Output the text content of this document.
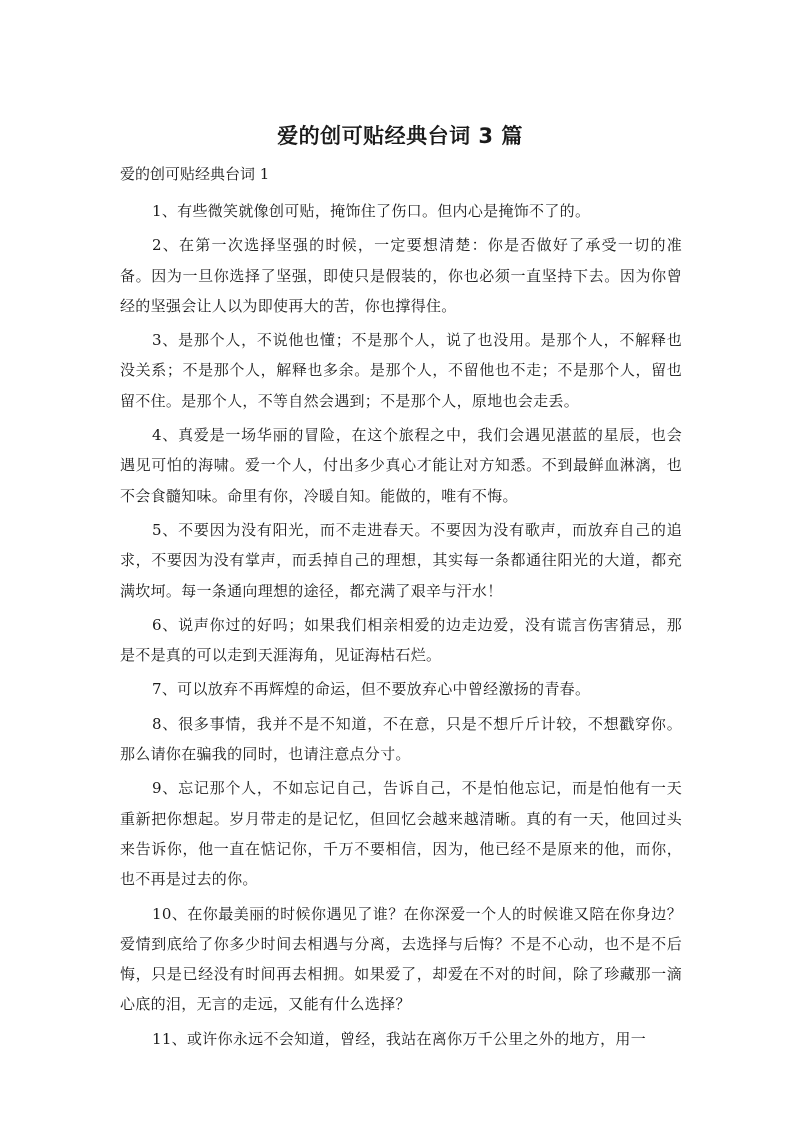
爱的创可贴经典台词 3 篇
爱的创可贴经典台词 1

1、有些微笑就像创可贴，掩饰住了伤口。但内心是掩饰不了的。

2、在第一次选择坚强的时候，一定要想清楚：你是否做好了承受一切的准备。因为一旦你选择了坚强，即使只是假装的，你也必须一直坚持下去。因为你曾经的坚强会让人以为即使再大的苦，你也撑得住。

3、是那个人，不说他也懂；不是那个人，说了也没用。是那个人，不解释也没关系；不是那个人，解释也多余。是那个人，不留他也不走；不是那个人，留也留不住。是那个人，不等自然会遇到；不是那个人，原地也会走丢。

4、真爱是一场华丽的冒险，在这个旅程之中，我们会遇见湛蓝的星辰，也会遇见可怕的海啸。爱一个人，付出多少真心才能让对方知悉。不到最鲜血淋漓，也不会食髓知味。命里有你，冷暖自知。能做的，唯有不悔。

5、不要因为没有阳光，而不走进春天。不要因为没有歌声，而放弃自己的追求，不要因为没有掌声，而丢掉自己的理想，其实每一条都通往阳光的大道，都充满坎坷。每一条通向理想的途径，都充满了艰辛与汗水！

6、说声你过的好吗；如果我们相亲相爱的边走边爱，没有谎言伤害猜忌，那是不是真的可以走到天涯海角，见证海枯石烂。

7、可以放弃不再辉煌的命运，但不要放弃心中曾经激扬的青春。

8、很多事情，我并不是不知道，不在意，只是不想斤斤计较，不想戳穿你。那么请你在骗我的同时，也请注意点分寸。

9、忘记那个人，不如忘记自己，告诉自己，不是怕他忘记，而是怕他有一天重新把你想起。岁月带走的是记忆，但回忆会越来越清晰。真的有一天，他回过头来告诉你，他一直在惦记你，千万不要相信，因为，他已经不是原来的他，而你，也不再是过去的你。

10、在你最美丽的时候你遇见了谁？在你深爱一个人的时候谁又陪在你身边？爱情到底给了你多少时间去相遇与分离，去选择与后悔？不是不心动，也不是不后悔，只是已经没有时间再去相拥。如果爱了，却爱在不对的时间，除了珍藏那一滴心底的泪，无言的走远，又能有什么选择？

11、或许你永远不会知道，曾经，我站在离你万千公里之外的地方，用一
